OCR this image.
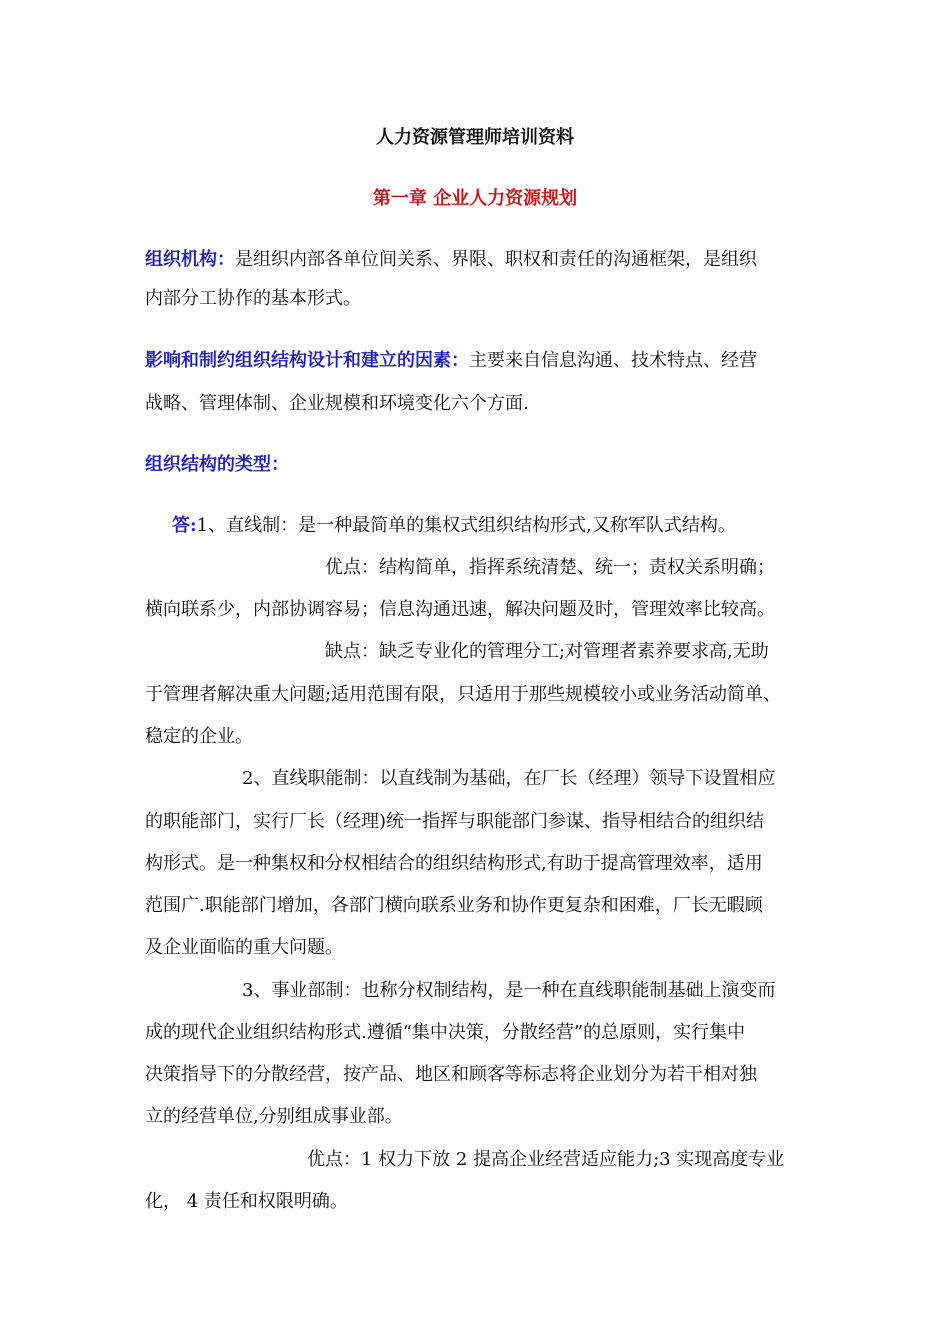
人力资源管理师培训资料
第一章 企业人力资源规划
组织机构：是组织内部各单位间关系、界限、职权和责任的沟通框架，是组织
内部分工协作的基本形式。
影响和制约组织结构设计和建立的因素：主要来自信息沟通、技术特点、经营
战略、管理体制、企业规模和环境变化六个方面.
组织结构的类型：
答:1、直线制：是一种最简单的集权式组织结构形式,又称军队式结构。
优点：结构简单，指挥系统清楚、统一；责权关系明确；
横向联系少，内部协调容易；信息沟通迅速，解决问题及时，管理效率比较高。
缺点：缺乏专业化的管理分工;对管理者素养要求高,无助
于管理者解决重大问题;适用范围有限，只适用于那些规模较小或业务活动简单、
稳定的企业。
2、直线职能制：以直线制为基础，在厂长（经理）领导下设置相应
的职能部门，实行厂长（经理)统一指挥与职能部门参谋、指导相结合的组织结
构形式。是一种集权和分权相结合的组织结构形式,有助于提高管理效率，适用
范围广.职能部门增加，各部门横向联系业务和协作更复杂和困难，厂长无暇顾
及企业面临的重大问题。
3、事业部制：也称分权制结构，是一种在直线职能制基础上演变而
成的现代企业组织结构形式.遵循“集中决策，分散经营”的总原则，实行集中
决策指导下的分散经营，按产品、地区和顾客等标志将企业划分为若干相对独
立的经营单位,分别组成事业部。
优点：1 权力下放 2 提高企业经营适应能力;3 实现高度专业
化， 4 责任和权限明确。
